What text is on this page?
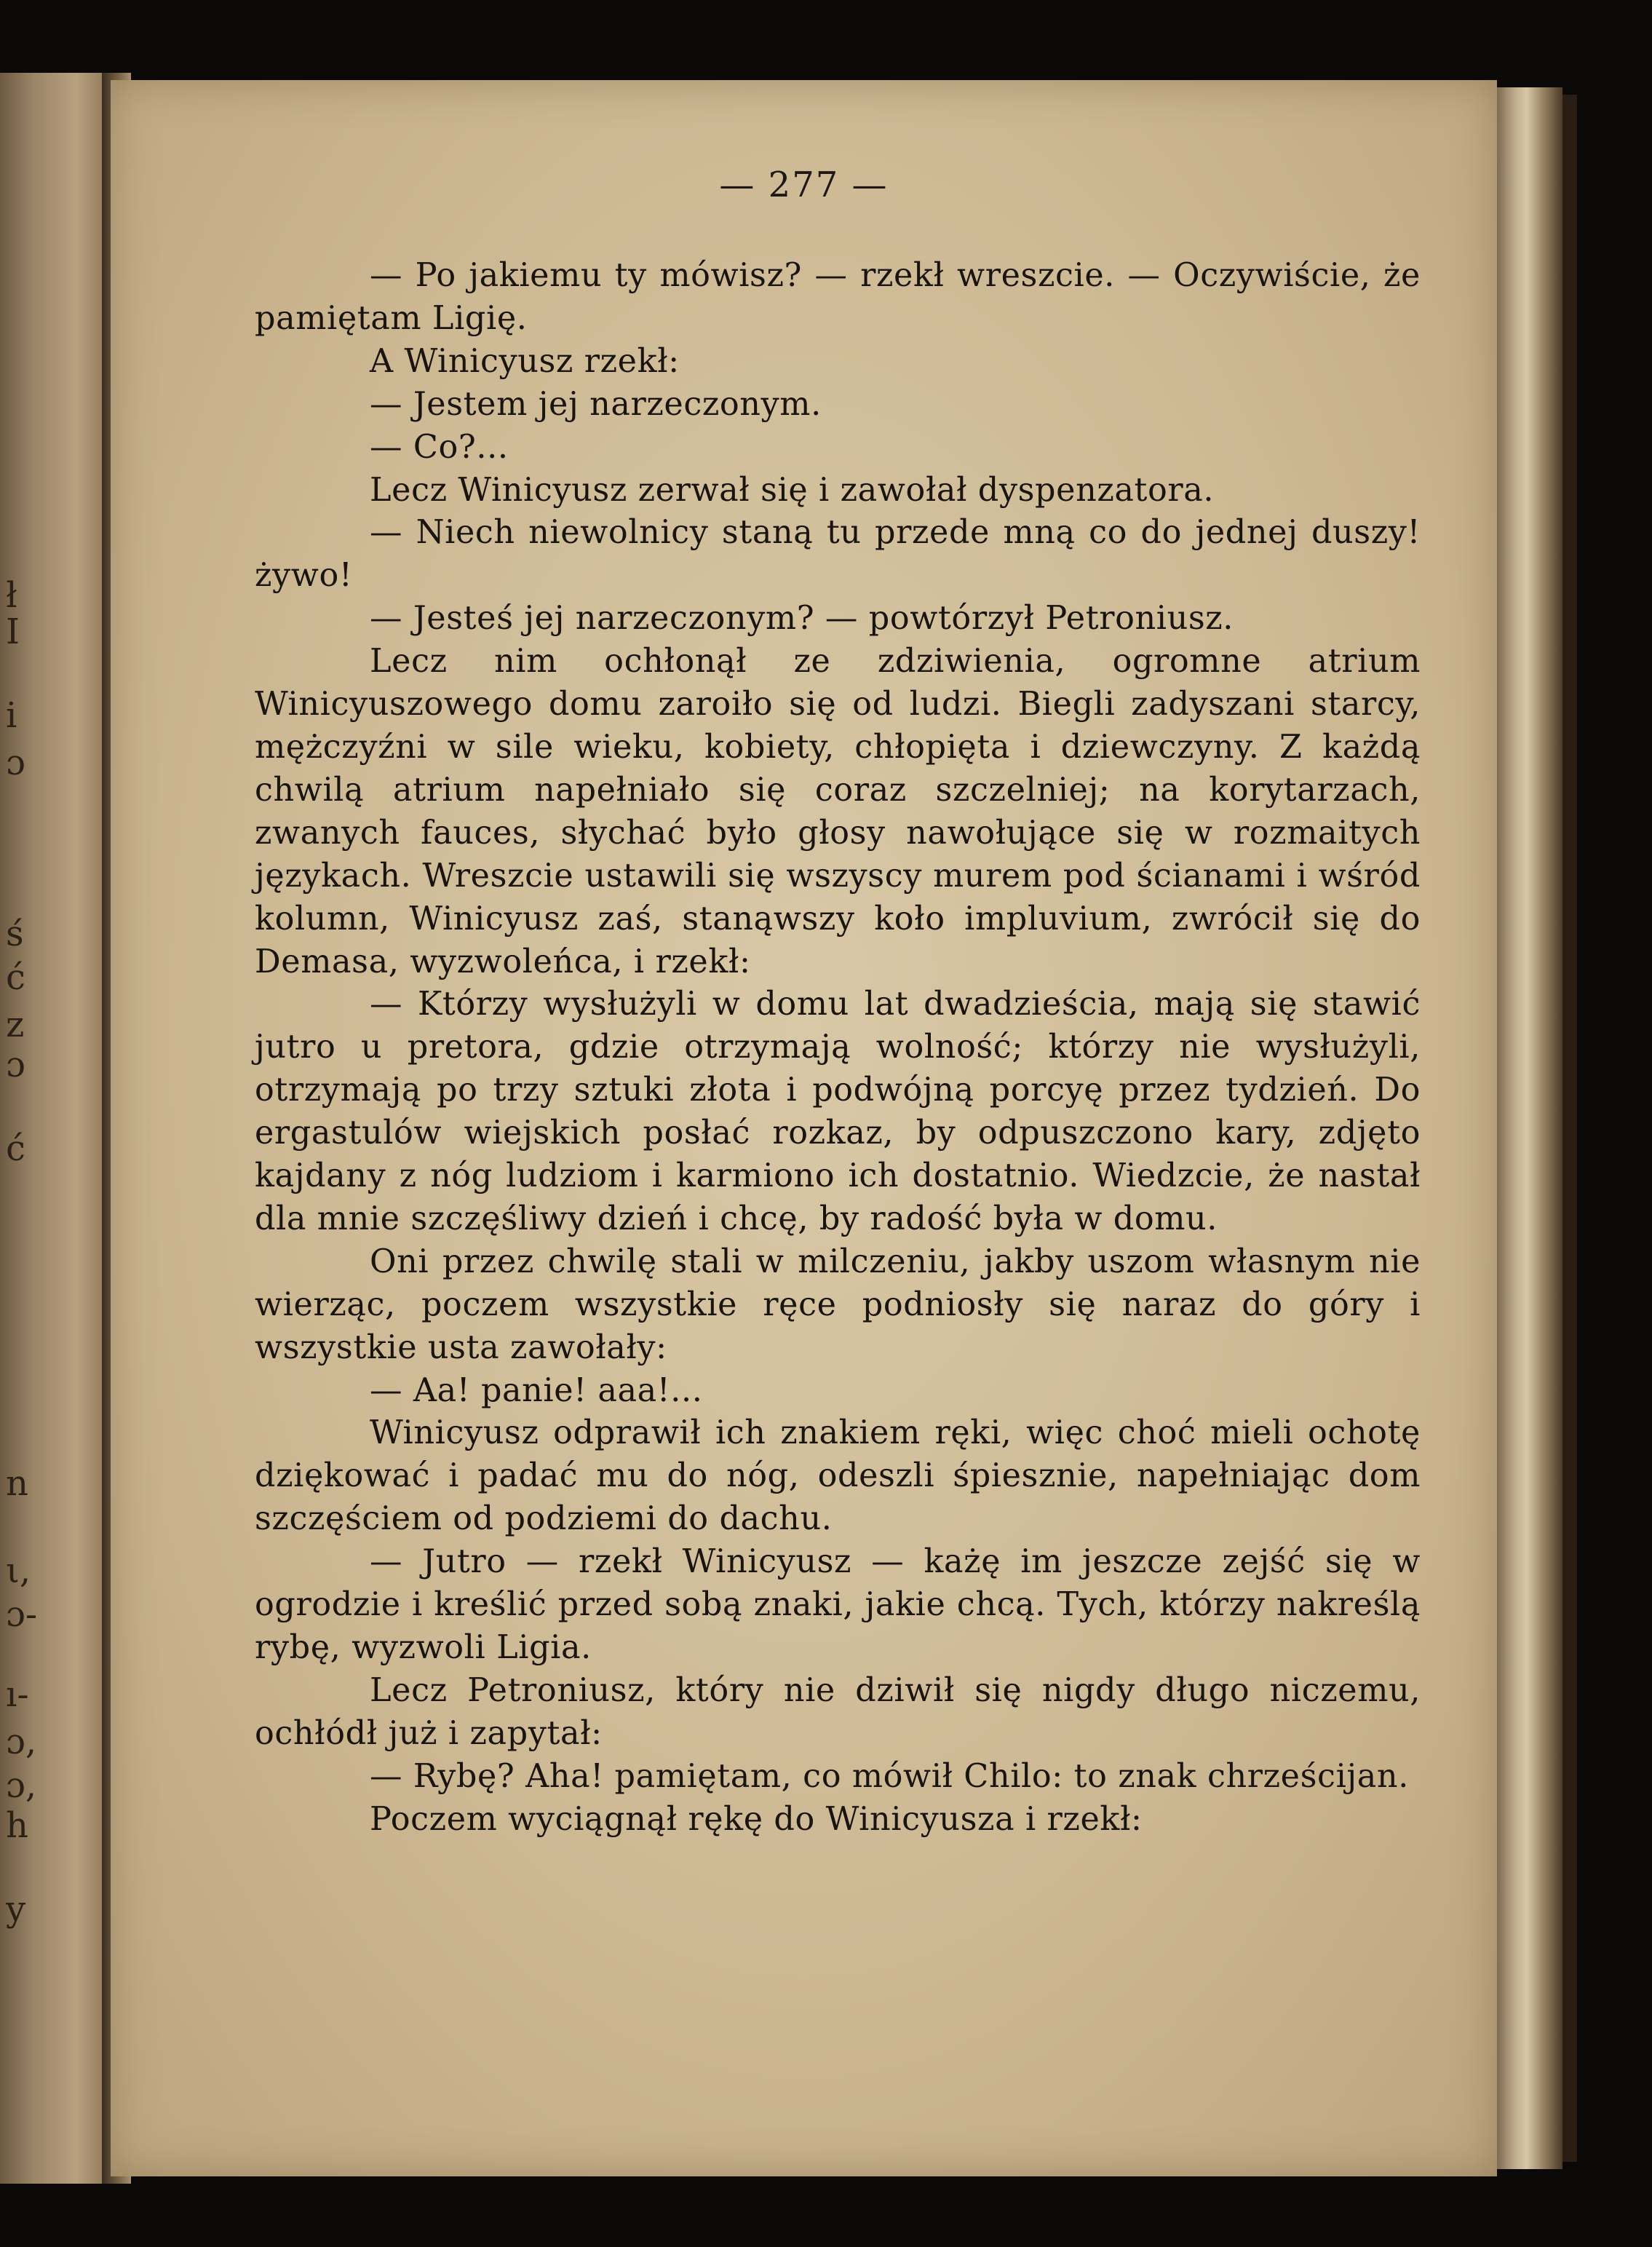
ł
I
i
ɔ
ś
ć
z
ɔ
ć
n
ι,
ɔ-
ı-
ɔ,
ɔ,
h
y
— 277 —

— Po jakiemu ty mówisz? — rzekł wreszcie. — Oczywiście, że pamiętam Ligię.

A Winicyusz rzekł:

— Jestem jej narzeczonym.

— Co?...

Lecz Winicyusz zerwał się i zawołał dyspenzatora.

— Niech niewolnicy staną tu przede mną co do jednej duszy! żywo!

— Jesteś jej narzeczonym? — powtórzył Petroniusz.

Lecz nim ochłonął ze zdziwienia, ogromne atrium Winicyuszowego domu zaroiło się od ludzi. Biegli zadyszani starcy, mężczyźni w sile wieku, kobiety, chłopięta i dziewczyny. Z każdą chwilą atrium napełniało się coraz szczelniej; na korytarzach, zwanych fauces, słychać było głosy nawołujące się w rozmaitych językach. Wreszcie ustawili się wszyscy murem pod ścianami i wśród kolumn, Winicyusz zaś, stanąwszy koło impluvium, zwrócił się do Demasa, wyzwoleńca, i rzekł:

— Którzy wysłużyli w domu lat dwadzieścia, mają się stawić jutro u pretora, gdzie otrzymają wolność; którzy nie wysłużyli, otrzymają po trzy sztuki złota i podwójną porcyę przez tydzień. Do ergastulów wiejskich posłać rozkaz, by odpuszczono kary, zdjęto kajdany z nóg ludziom i karmiono ich dostatnio. Wiedzcie, że nastał dla mnie szczęśliwy dzień i chcę, by radość była w domu.

Oni przez chwilę stali w milczeniu, jakby uszom własnym nie wierząc, poczem wszystkie ręce podniosły się naraz do góry i wszystkie usta zawołały:

— Aa! panie! aaa!...

Winicyusz odprawił ich znakiem ręki, więc choć mieli ochotę dziękować i padać mu do nóg, odeszli śpiesznie, napełniając dom szczęściem od podziemi do dachu.

— Jutro — rzekł Winicyusz — każę im jeszcze zejść się w ogrodzie i kreślić przed sobą znaki, jakie chcą. Tych, którzy nakreślą rybę, wyzwoli Ligia.

Lecz Petroniusz, który nie dziwił się nigdy długo niczemu, ochłódł już i zapytał:

— Rybę? Aha! pamiętam, co mówił Chilo: to znak chrześcijan.

Poczem wyciągnął rękę do Winicyusza i rzekł:
